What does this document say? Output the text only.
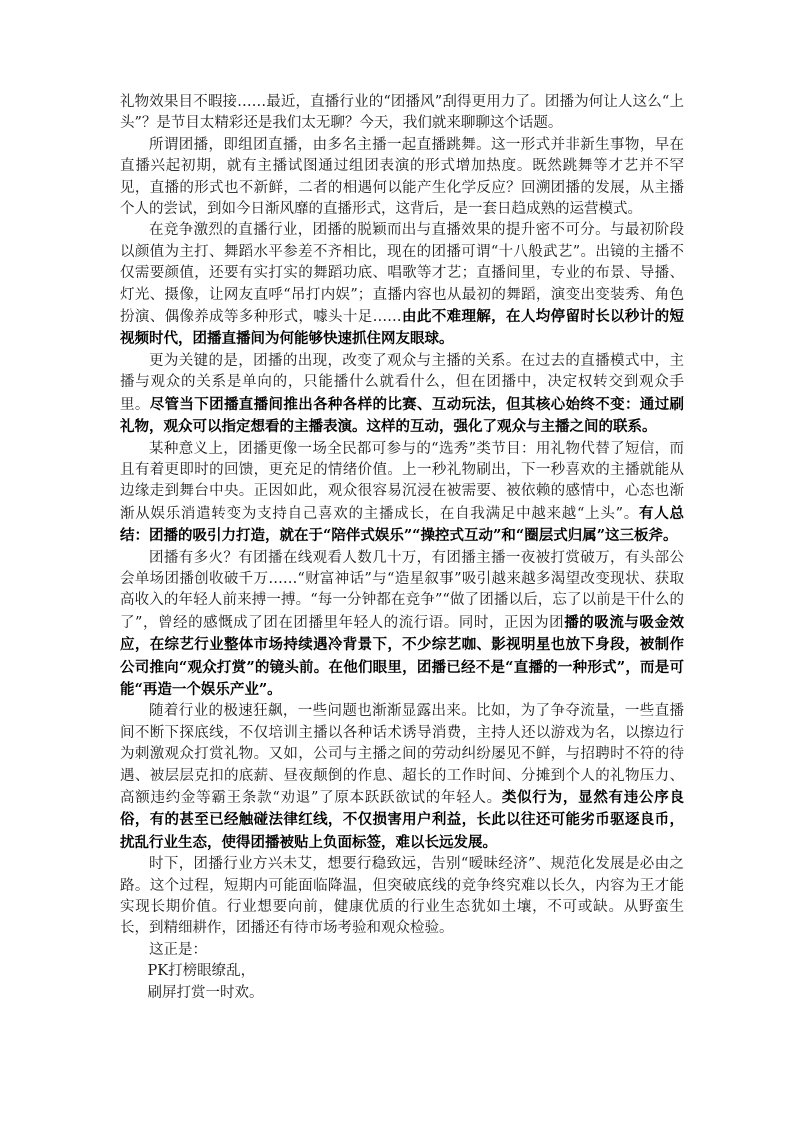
礼物效果目不暇接……最近，直播行业的“团播风”刮得更用力了。团播为何让人这么“上头”？是节目太精彩还是我们太无聊？今天，我们就来聊聊这个话题。

所谓团播，即组团直播，由多名主播一起直播跳舞。这一形式并非新生事物，早在直播兴起初期，就有主播试图通过组团表演的形式增加热度。既然跳舞等才艺并不罕见，直播的形式也不新鲜，二者的相遇何以能产生化学反应？回溯团播的发展，从主播个人的尝试，到如今日渐风靡的直播形式，这背后，是一套日趋成熟的运营模式。

在竞争激烈的直播行业，团播的脱颖而出与直播效果的提升密不可分。与最初阶段以颜值为主打、舞蹈水平参差不齐相比，现在的团播可谓“十八般武艺”。出镜的主播不仅需要颜值，还要有实打实的舞蹈功底、唱歌等才艺；直播间里，专业的布景、导播、灯光、摄像，让网友直呼“吊打内娱”；直播内容也从最初的舞蹈，演变出变装秀、角色扮演、偶像养成等多种形式，噱头十足……由此不难理解，在人均停留时长以秒计的短视频时代，团播直播间为何能够快速抓住网友眼球。

更为关键的是，团播的出现，改变了观众与主播的关系。在过去的直播模式中，主播与观众的关系是单向的，只能播什么就看什么，但在团播中，决定权转交到观众手里。尽管当下团播直播间推出各种各样的比赛、互动玩法，但其核心始终不变：通过刷礼物，观众可以指定想看的主播表演。这样的互动，强化了观众与主播之间的联系。

某种意义上，团播更像一场全民都可参与的“选秀”类节目：用礼物代替了短信，而且有着更即时的回馈，更充足的情绪价值。上一秒礼物刷出，下一秒喜欢的主播就能从边缘走到舞台中央。正因如此，观众很容易沉浸在被需要、被依赖的感情中，心态也渐渐从娱乐消遣转变为支持自己喜欢的主播成长，在自我满足中越来越“上头”。有人总结：团播的吸引力打造，就在于“陪伴式娱乐”“操控式互动”和“圈层式归属”这三板斧。

团播有多火？有团播在线观看人数几十万，有团播主播一夜被打赏破万，有头部公会单场团播创收破千万……“财富神话”与“造星叙事”吸引越来越多渴望改变现状、获取高收入的年轻人前来搏一搏。“每一分钟都在竞争”“做了团播以后，忘了以前是干什么的了”，曾经的感慨成了团在团播里年轻人的流行语。同时，正因为团播的吸流与吸金效应，在综艺行业整体市场持续遇冷背景下，不少综艺咖、影视明星也放下身段，被制作公司推向“观众打赏”的镜头前。在他们眼里，团播已经不是“直播的一种形式”，而是可能“再造一个娱乐产业”。

随着行业的极速狂飙，一些问题也渐渐显露出来。比如，为了争夺流量，一些直播间不断下探底线，不仅培训主播以各种话术诱导消费，主持人还以游戏为名，以擦边行为刺激观众打赏礼物。又如，公司与主播之间的劳动纠纷屡见不鲜，与招聘时不符的待遇、被层层克扣的底薪、昼夜颠倒的作息、超长的工作时间、分摊到个人的礼物压力、高额违约金等霸王条款“劝退”了原本跃跃欲试的年轻人。类似行为，显然有违公序良俗，有的甚至已经触碰法律红线，不仅损害用户利益，长此以往还可能劣币驱逐良币，扰乱行业生态，使得团播被贴上负面标签，难以长远发展。

时下，团播行业方兴未艾，想要行稳致远，告别“暧昧经济”、规范化发展是必由之路。这个过程，短期内可能面临降温，但突破底线的竞争终究难以长久，内容为王才能实现长期价值。行业想要向前，健康优质的行业生态犹如土壤，不可或缺。从野蛮生长，到精细耕作，团播还有待市场考验和观众检验。

这正是：

PK打榜眼缭乱，

刷屏打赏一时欢。
